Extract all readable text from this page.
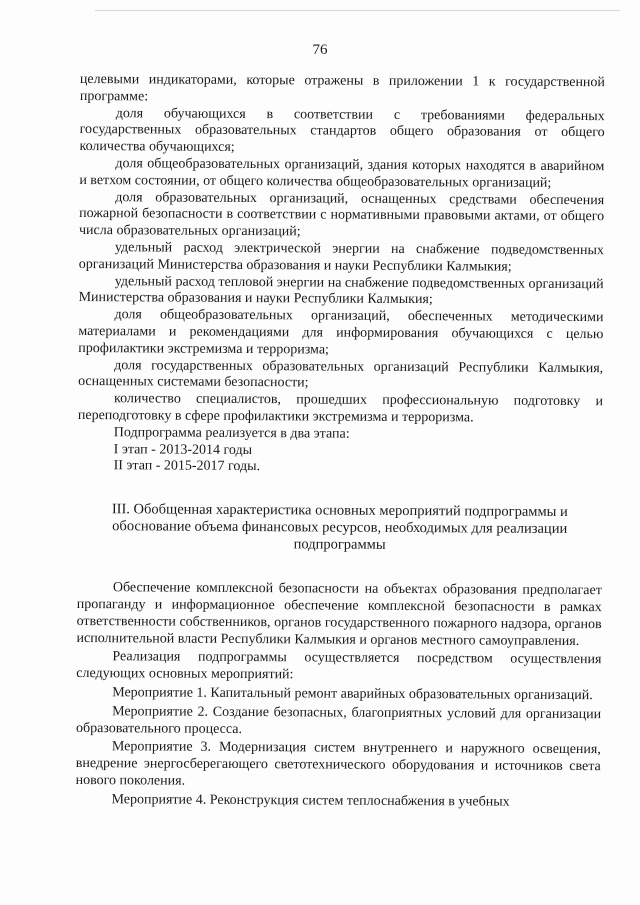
76

целевыми индикаторами, которые отражены в приложении 1 к государственной программе:

доля обучающихся в соответствии с требованиями федеральных государственных образовательных стандартов общего образования от общего количества обучающихся;

доля общеобразовательных организаций, здания которых находятся в аварийном и ветхом состоянии, от общего количества общеобразовательных организаций;

доля образовательных организаций, оснащенных средствами обеспечения пожарной безопасности в соответствии с нормативными правовыми актами, от общего числа образовательных организаций;

удельный расход электрической энергии на снабжение подведомственных организаций Министерства образования и науки Республики Калмыкия;

удельный расход тепловой энергии на снабжение подведомственных организаций Министерства образования и науки Республики Калмыкия;

доля общеобразовательных организаций, обеспеченных методическими материалами и рекомендациями для информирования обучающихся с целью профилактики экстремизма и терроризма;

доля государственных образовательных организаций Республики Калмыкия, оснащенных системами безопасности;

количество специалистов, прошедших профессиональную подготовку и переподготовку в сфере профилактики экстремизма и терроризма.

Подпрограмма реализуется в два этапа:

I этап - 2013-2014 годы

II этап - 2015-2017 годы.

III. Обобщенная характеристика основных мероприятий подпрограммы и обоснование объема финансовых ресурсов, необходимых для реализации подпрограммы

Обеспечение комплексной безопасности на объектах образования предполагает пропаганду и информационное обеспечение комплексной безопасности в рамках ответственности собственников, органов государственного пожарного надзора, органов исполнительной власти Республики Калмыкия и органов местного самоуправления.

Реализация подпрограммы осуществляется посредством осуществления следующих основных мероприятий:

Мероприятие 1. Капитальный ремонт аварийных образовательных организаций.

Мероприятие 2. Создание безопасных, благоприятных условий для организации образовательного процесса.

Мероприятие 3. Модернизация систем внутреннего и наружного освещения, внедрение энергосберегающего светотехнического оборудования и источников света нового поколения.

Мероприятие 4. Реконструкция систем теплоснабжения в учебных
